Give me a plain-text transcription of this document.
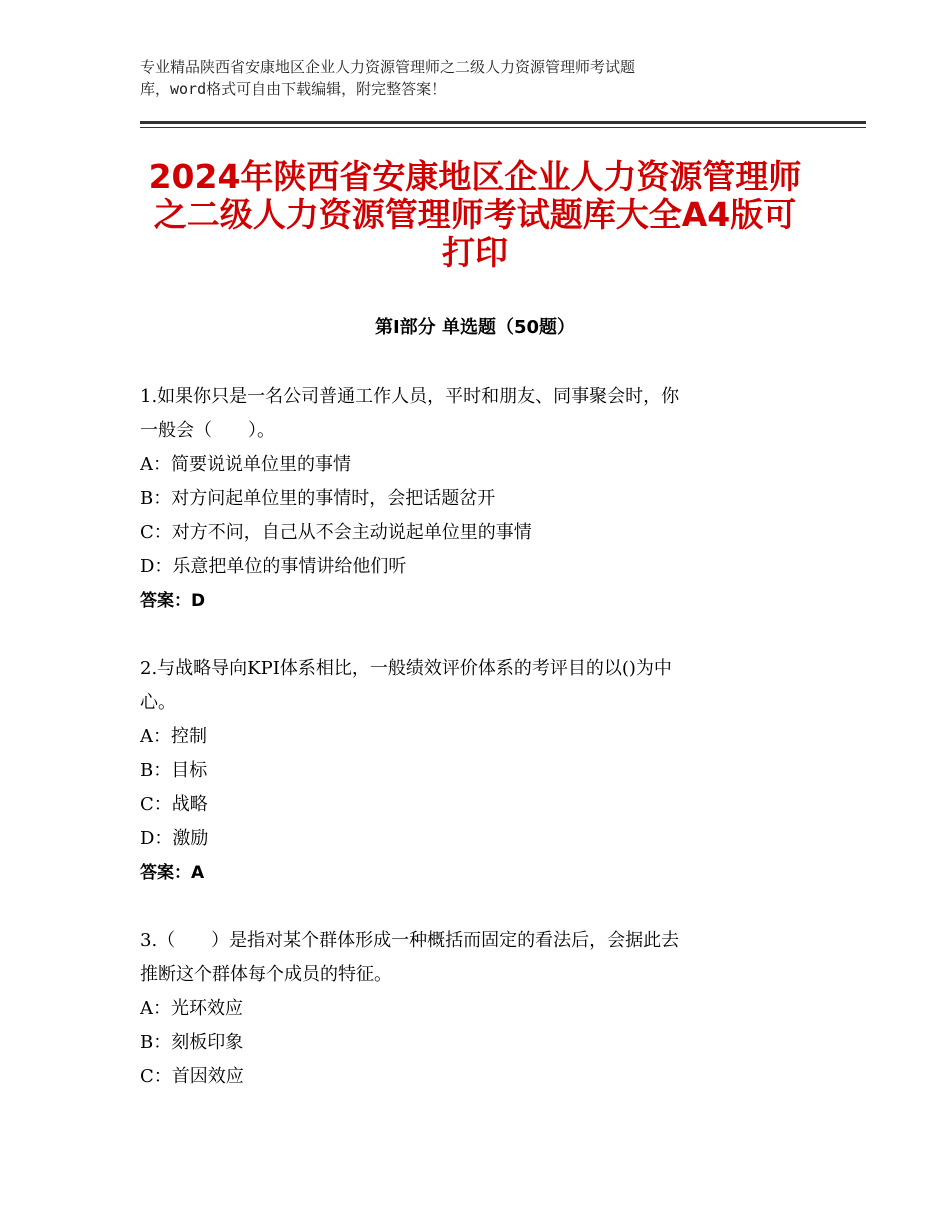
专业精品陕西省安康地区企业人力资源管理师之二级人力资源管理师考试题
库，word格式可自由下载编辑，附完整答案！
2024年陕西省安康地区企业人力资源管理师
之二级人力资源管理师考试题库大全A4版可
打印
第Ⅰ部分 单选题（50题）
1.如果你只是一名公司普通工作人员，平时和朋友、同事聚会时，你
一般会（　　）。
A：简要说说单位里的事情
B：对方问起单位里的事情时，会把话题岔开
C：对方不问，自己从不会主动说起单位里的事情
D：乐意把单位的事情讲给他们听
答案：D
2.与战略导向KPI体系相比，一般绩效评价体系的考评目的以()为中
心。
A：控制
B：目标
C：战略
D：激励
答案：A
3.（　　）是指对某个群体形成一种概括而固定的看法后，会据此去
推断这个群体每个成员的特征。
A：光环效应
B：刻板印象
C：首因效应
